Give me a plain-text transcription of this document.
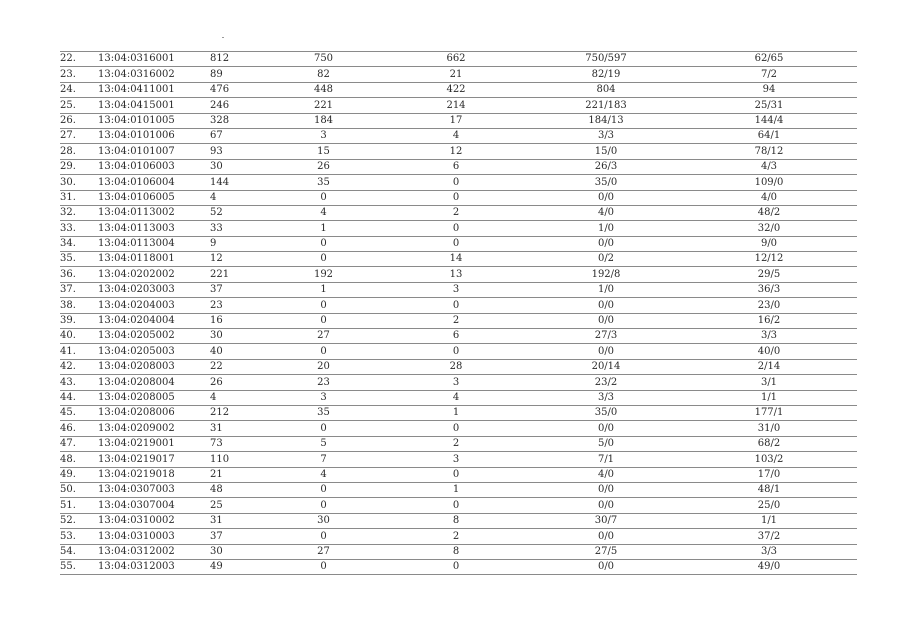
22.	13:04:0316001	812	750	662	750/597	62/65
23.	13:04:0316002	89	82	21	82/19	7/2
24.	13:04:0411001	476	448	422	804	94
25.	13:04:0415001	246	221	214	221/183	25/31
26.	13:04:0101005	328	184	17	184/13	144/4
27.	13:04:0101006	67	3	4	3/3	64/1
28.	13:04:0101007	93	15	12	15/0	78/12
29.	13:04:0106003	30	26	6	26/3	4/3
30.	13:04:0106004	144	35	0	35/0	109/0
31.	13:04:0106005	4	0	0	0/0	4/0
32.	13:04:0113002	52	4	2	4/0	48/2
33.	13:04:0113003	33	1	0	1/0	32/0
34.	13:04:0113004	9	0	0	0/0	9/0
35.	13:04:0118001	12	0	14	0/2	12/12
36.	13:04:0202002	221	192	13	192/8	29/5
37.	13:04:0203003	37	1	3	1/0	36/3
38.	13:04:0204003	23	0	0	0/0	23/0
39.	13:04:0204004	16	0	2	0/0	16/2
40.	13:04:0205002	30	27	6	27/3	3/3
41.	13:04:0205003	40	0	0	0/0	40/0
42.	13:04:0208003	22	20	28	20/14	2/14
43.	13:04:0208004	26	23	3	23/2	3/1
44.	13:04:0208005	4	3	4	3/3	1/1
45.	13:04:0208006	212	35	1	35/0	177/1
46.	13:04:0209002	31	0	0	0/0	31/0
47.	13:04:0219001	73	5	2	5/0	68/2
48.	13:04:0219017	110	7	3	7/1	103/2
49.	13:04:0219018	21	4	0	4/0	17/0
50.	13:04:0307003	48	0	1	0/0	48/1
51.	13:04:0307004	25	0	0	0/0	25/0
52.	13:04:0310002	31	30	8	30/7	1/1
53.	13:04:0310003	37	0	2	0/0	37/2
54.	13:04:0312002	30	27	8	27/5	3/3
55.	13:04:0312003	49	0	0	0/0	49/0
